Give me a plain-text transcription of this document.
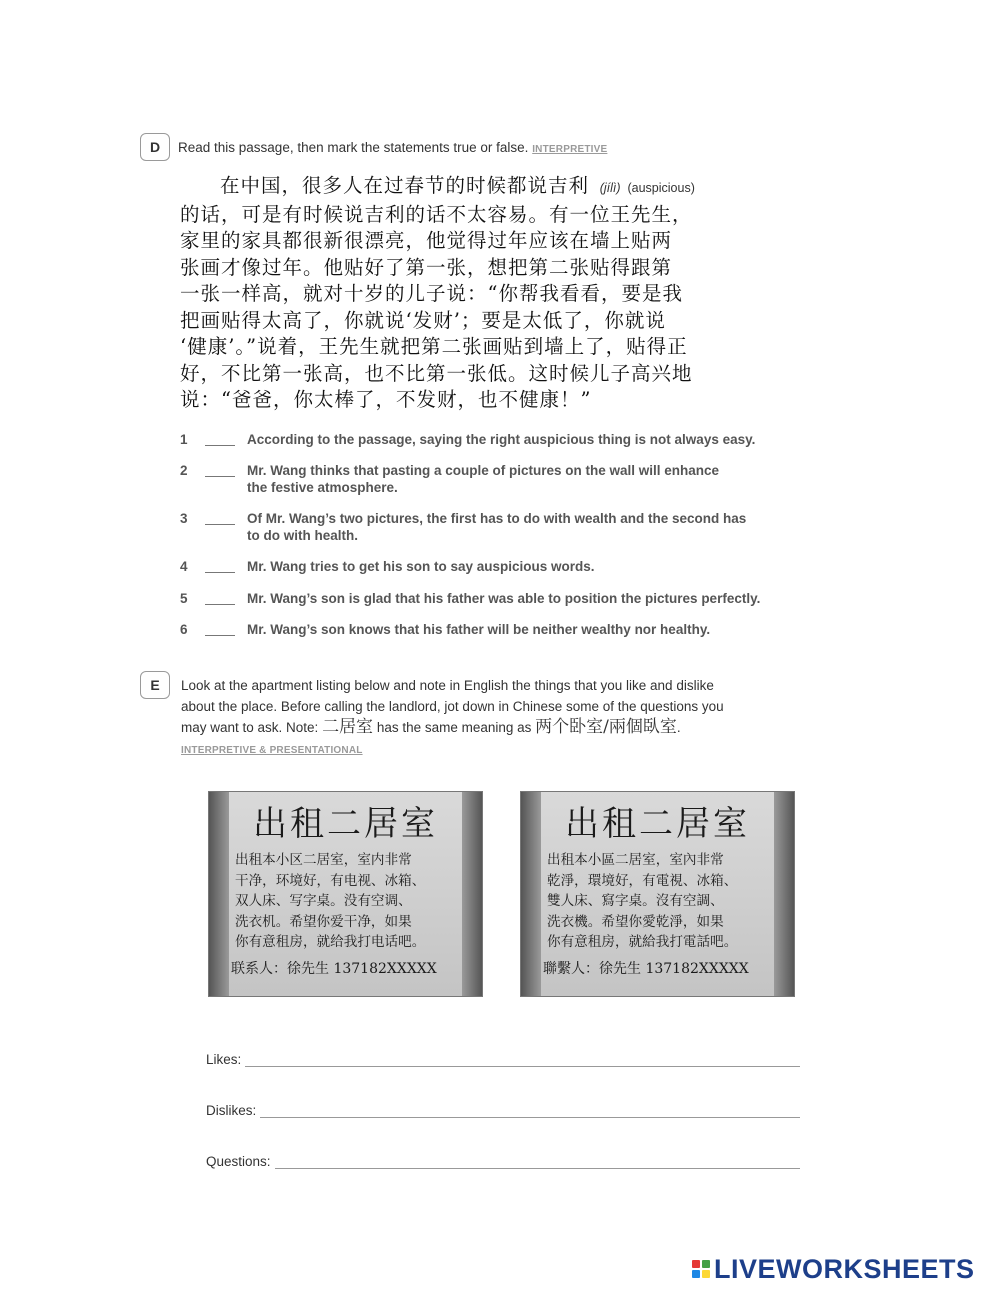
D Read this passage, then mark the statements true or false. INTERPRETIVE
在中国，很多人在过春节的时候都说吉利 (jílì) (auspicious)
的话，可是有时候说吉利的话不太容易。有一位王先生，
家里的家具都很新很漂亮，他觉得过年应该在墙上贴两
张画才像过年。他贴好了第一张，想把第二张贴得跟第
一张一样高，就对十岁的儿子说：“你帮我看看，要是我
把画贴得太高了，你就说‘发财’；要是太低了，你就说
‘健康’。”说着，王先生就把第二张画贴到墙上了，贴得正
好，不比第一张高，也不比第一张低。这时候儿子高兴地
说：“爸爸，你太棒了，不发财，也不健康！”
1	According to the passage, saying the right auspicious thing is not always easy.
2	Mr. Wang thinks that pasting a couple of pictures on the wall will enhance the festive atmosphere.
3	Of Mr. Wang’s two pictures, the first has to do with wealth and the second has to do with health.
4	Mr. Wang tries to get his son to say auspicious words.
5	Mr. Wang’s son is glad that his father was able to position the pictures perfectly.
6	Mr. Wang’s son knows that his father will be neither wealthy nor healthy.
E Look at the apartment listing below and note in English the things that you like and dislike
about the place. Before calling the landlord, jot down in Chinese some of the questions you
may want to ask. Note: 二居室 has the same meaning as 两个卧室/兩個臥室.
INTERPRETIVE & PRESENTATIONAL
出租二居室
出租本小区二居室，室内非常
干净，环境好，有电视、冰箱、
双人床、写字桌。没有空调、
洗衣机。希望你爱干净，如果
你有意租房，就给我打电话吧。
联系人：徐先生 137182XXXXX
出租二居室
出租本小區二居室，室內非常
乾淨，環境好，有電視、冰箱、
雙人床、寫字桌。沒有空調、
洗衣機。希望你愛乾淨，如果
你有意租房，就給我打電話吧。
聯繫人：徐先生 137182XXXXX
Likes:
Dislikes:
Questions:
LIVEWORKSHEETS
